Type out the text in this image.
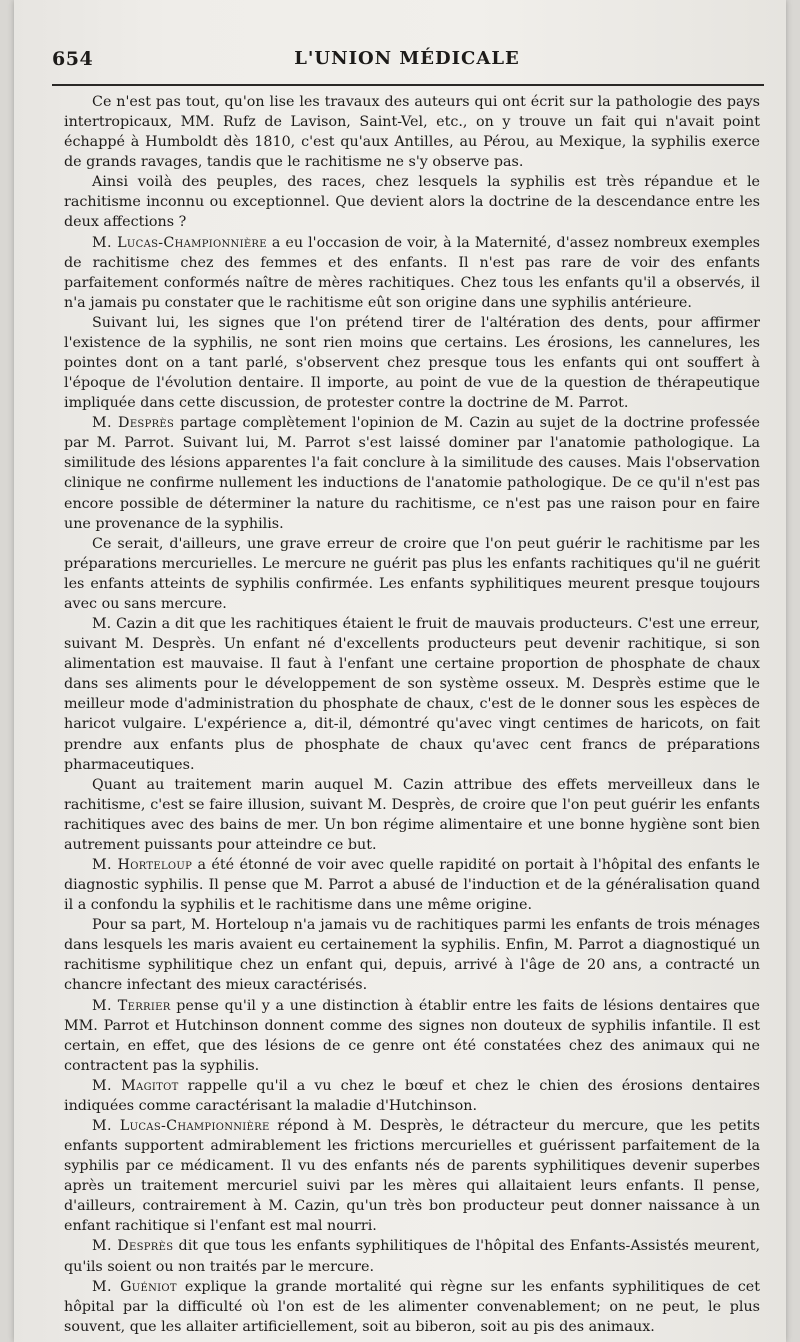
654	L'UNION MÉDICALE

Ce n'est pas tout, qu'on lise les travaux des auteurs qui ont écrit sur la pathologie des pays intertropicaux, MM. Rufz de Lavison, Saint-Vel, etc., on y trouve un fait qui n'avait point échappé à Humboldt dès 1810, c'est qu'aux Antilles, au Pérou, au Mexique, la syphilis exerce de grands ravages, tandis que le rachitisme ne s'y observe pas.

Ainsi voilà des peuples, des races, chez lesquels la syphilis est très répandue et le rachitisme inconnu ou exceptionnel. Que devient alors la doctrine de la descendance entre les deux affections ?

M. Lucas-Championnière a eu l'occasion de voir, à la Maternité, d'assez nombreux exemples de rachitisme chez des femmes et des enfants. Il n'est pas rare de voir des enfants parfaitement conformés naître de mères rachitiques. Chez tous les enfants qu'il a observés, il n'a jamais pu constater que le rachitisme eût son origine dans une syphilis antérieure.

Suivant lui, les signes que l'on prétend tirer de l'altération des dents, pour affirmer l'existence de la syphilis, ne sont rien moins que certains. Les érosions, les cannelures, les pointes dont on a tant parlé, s'observent chez presque tous les enfants qui ont souffert à l'époque de l'évolution dentaire. Il importe, au point de vue de la question de thérapeutique impliquée dans cette discussion, de protester contre la doctrine de M. Parrot.

M. Desprès partage complètement l'opinion de M. Cazin au sujet de la doctrine professée par M. Parrot. Suivant lui, M. Parrot s'est laissé dominer par l'anatomie pathologique. La similitude des lésions apparentes l'a fait conclure à la similitude des causes. Mais l'observation clinique ne confirme nullement les inductions de l'anatomie pathologique. De ce qu'il n'est pas encore possible de déterminer la nature du rachitisme, ce n'est pas une raison pour en faire une provenance de la syphilis.

Ce serait, d'ailleurs, une grave erreur de croire que l'on peut guérir le rachitisme par les préparations mercurielles. Le mercure ne guérit pas plus les enfants rachitiques qu'il ne guérit les enfants atteints de syphilis confirmée. Les enfants syphilitiques meurent presque toujours avec ou sans mercure.

M. Cazin a dit que les rachitiques étaient le fruit de mauvais producteurs. C'est une erreur, suivant M. Desprès. Un enfant né d'excellents producteurs peut devenir rachitique, si son alimentation est mauvaise. Il faut à l'enfant une certaine proportion de phosphate de chaux dans ses aliments pour le développement de son système osseux. M. Desprès estime que le meilleur mode d'administration du phosphate de chaux, c'est de le donner sous les espèces de haricot vulgaire. L'expérience a, dit-il, démontré qu'avec vingt centimes de haricots, on fait prendre aux enfants plus de phosphate de chaux qu'avec cent francs de préparations pharmaceutiques.

Quant au traitement marin auquel M. Cazin attribue des effets merveilleux dans le rachitisme, c'est se faire illusion, suivant M. Desprès, de croire que l'on peut guérir les enfants rachitiques avec des bains de mer. Un bon régime alimentaire et une bonne hygiène sont bien autrement puissants pour atteindre ce but.

M. Horteloup a été étonné de voir avec quelle rapidité on portait à l'hôpital des enfants le diagnostic syphilis. Il pense que M. Parrot a abusé de l'induction et de la généralisation quand il a confondu la syphilis et le rachitisme dans une même origine.

Pour sa part, M. Horteloup n'a jamais vu de rachitiques parmi les enfants de trois ménages dans lesquels les maris avaient eu certainement la syphilis. Enfin, M. Parrot a diagnostiqué un rachitisme syphilitique chez un enfant qui, depuis, arrivé à l'âge de 20 ans, a contracté un chancre infectant des mieux caractérisés.

M. Terrier pense qu'il y a une distinction à établir entre les faits de lésions dentaires que MM. Parrot et Hutchinson donnent comme des signes non douteux de syphilis infantile. Il est certain, en effet, que des lésions de ce genre ont été constatées chez des animaux qui ne contractent pas la syphilis.

M. Magitot rappelle qu'il a vu chez le bœuf et chez le chien des érosions dentaires indiquées comme caractérisant la maladie d'Hutchinson.

M. Lucas-Championnière répond à M. Desprès, le détracteur du mercure, que les petits enfants supportent admirablement les frictions mercurielles et guérissent parfaitement de la syphilis par ce médicament. Il vu des enfants nés de parents syphilitiques devenir superbes après un traitement mercuriel suivi par les mères qui allaitaient leurs enfants. Il pense, d'ailleurs, contrairement à M. Cazin, qu'un très bon producteur peut donner naissance à un enfant rachitique si l'enfant est mal nourri.

M. Desprès dit que tous les enfants syphilitiques de l'hôpital des Enfants-Assistés meurent, qu'ils soient ou non traités par le mercure.

M. Guéniot explique la grande mortalité qui règne sur les enfants syphilitiques de cet hôpital par la difficulté où l'on est de les alimenter convenablement; on ne peut, le plus souvent, que les allaiter artificiellement, soit au biberon, soit au pis des animaux.
